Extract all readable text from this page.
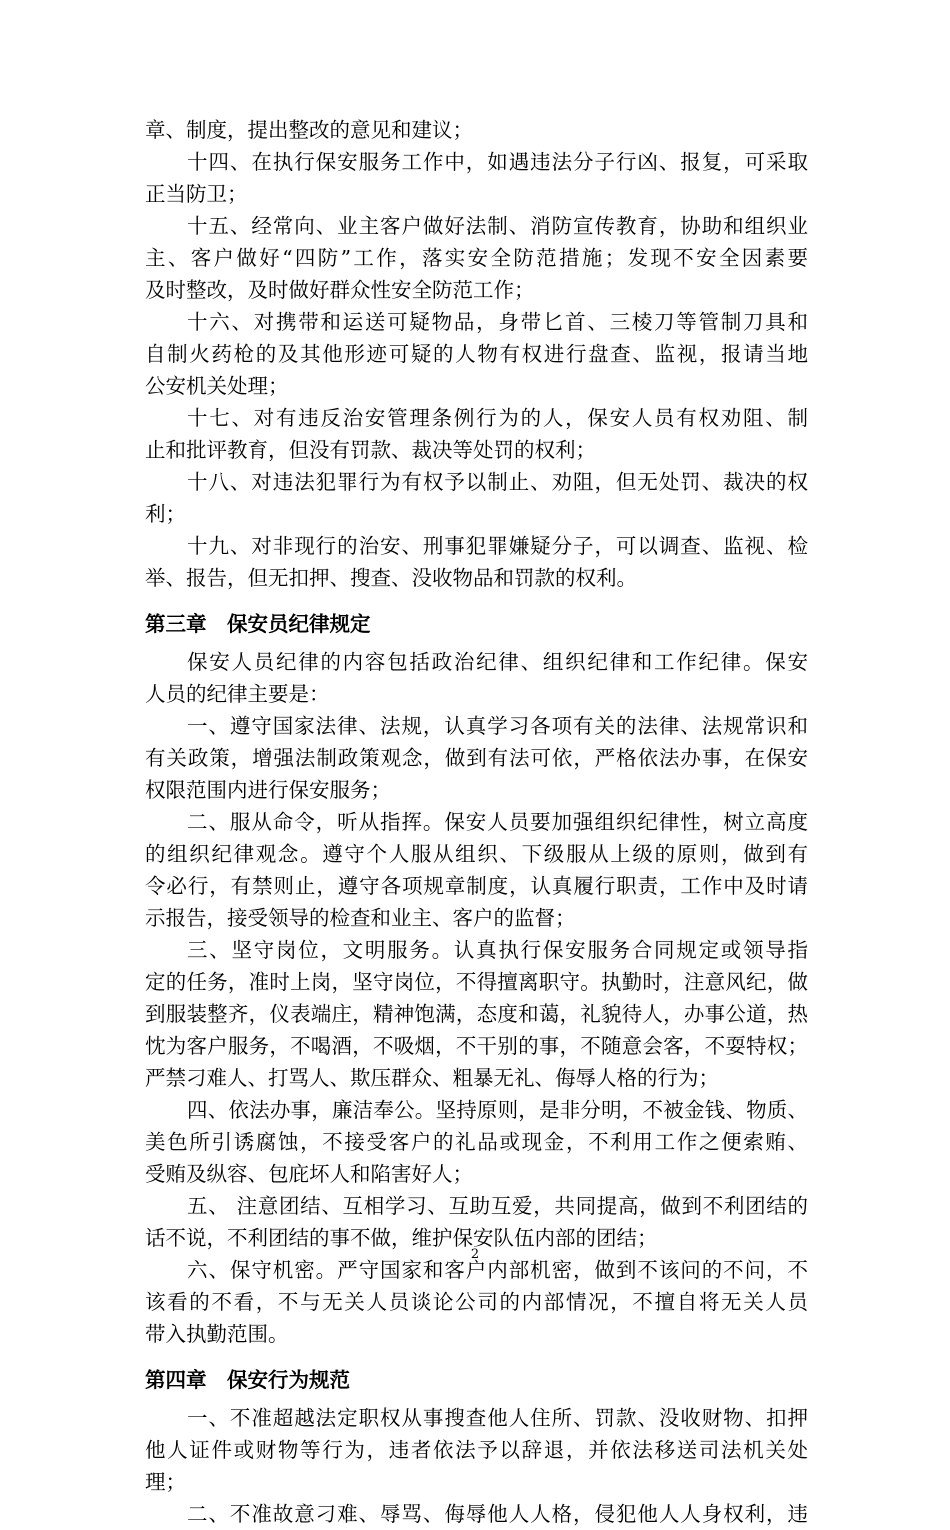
章、制度，提出整改的意见和建议；
十四、在执行保安服务工作中，如遇违法分子行凶、报复，可采取
正当防卫；
十五、经常向、业主客户做好法制、消防宣传教育，协助和组织业
主、客户做好“四防”工作，落实安全防范措施；发现不安全因素要
及时整改，及时做好群众性安全防范工作；
十六、对携带和运送可疑物品，身带匕首、三棱刀等管制刀具和
自制火药枪的及其他形迹可疑的人物有权进行盘查、监视，报请当地
公安机关处理；
十七、对有违反治安管理条例行为的人，保安人员有权劝阻、制
止和批评教育，但没有罚款、裁决等处罚的权利；
十八、对违法犯罪行为有权予以制止、劝阻，但无处罚、裁决的权
利；
十九、对非现行的治安、刑事犯罪嫌疑分子，可以调查、监视、检
举、报告，但无扣押、搜查、没收物品和罚款的权利。
第三章　保安员纪律规定
保安人员纪律的内容包括政治纪律、组织纪律和工作纪律。保安
人员的纪律主要是：
一、遵守国家法律、法规，认真学习各项有关的法律、法规常识和
有关政策，增强法制政策观念，做到有法可依，严格依法办事，在保安
权限范围内进行保安服务；
二、服从命令，听从指挥。保安人员要加强组织纪律性，树立高度
的组织纪律观念。遵守个人服从组织、下级服从上级的原则，做到有
令必行，有禁则止，遵守各项规章制度，认真履行职责，工作中及时请
示报告，接受领导的检查和业主、客户的监督；
三、坚守岗位，文明服务。认真执行保安服务合同规定或领导指
定的任务，准时上岗，坚守岗位，不得擅离职守。执勤时，注意风纪，做
到服装整齐，仪表端庄，精神饱满，态度和蔼，礼貌待人，办事公道，热
忱为客户服务，不喝酒，不吸烟，不干别的事，不随意会客，不耍特权；
严禁刁难人、打骂人、欺压群众、粗暴无礼、侮辱人格的行为；
四、依法办事，廉洁奉公。坚持原则，是非分明，不被金钱、物质、
美色所引诱腐蚀，不接受客户的礼品或现金，不利用工作之便索贿、
受贿及纵容、包庇坏人和陷害好人；
五、 注意团结、互相学习、互助互爱，共同提高，做到不利团结的
话不说，不利团结的事不做，维护保安队伍内部的团结；
六、保守机密。严守国家和客户内部机密，做到不该问的不问，不
该看的不看，不与无关人员谈论公司的内部情况，不擅自将无关人员
带入执勤范围。
第四章　保安行为规范
一、不准超越法定职权从事搜查他人住所、罚款、没收财物、扣押
他人证件或财物等行为，违者依法予以辞退，并依法移送司法机关处
理；
二、不准故意刁难、辱骂、侮辱他人人格，侵犯他人人身权利，违
2
